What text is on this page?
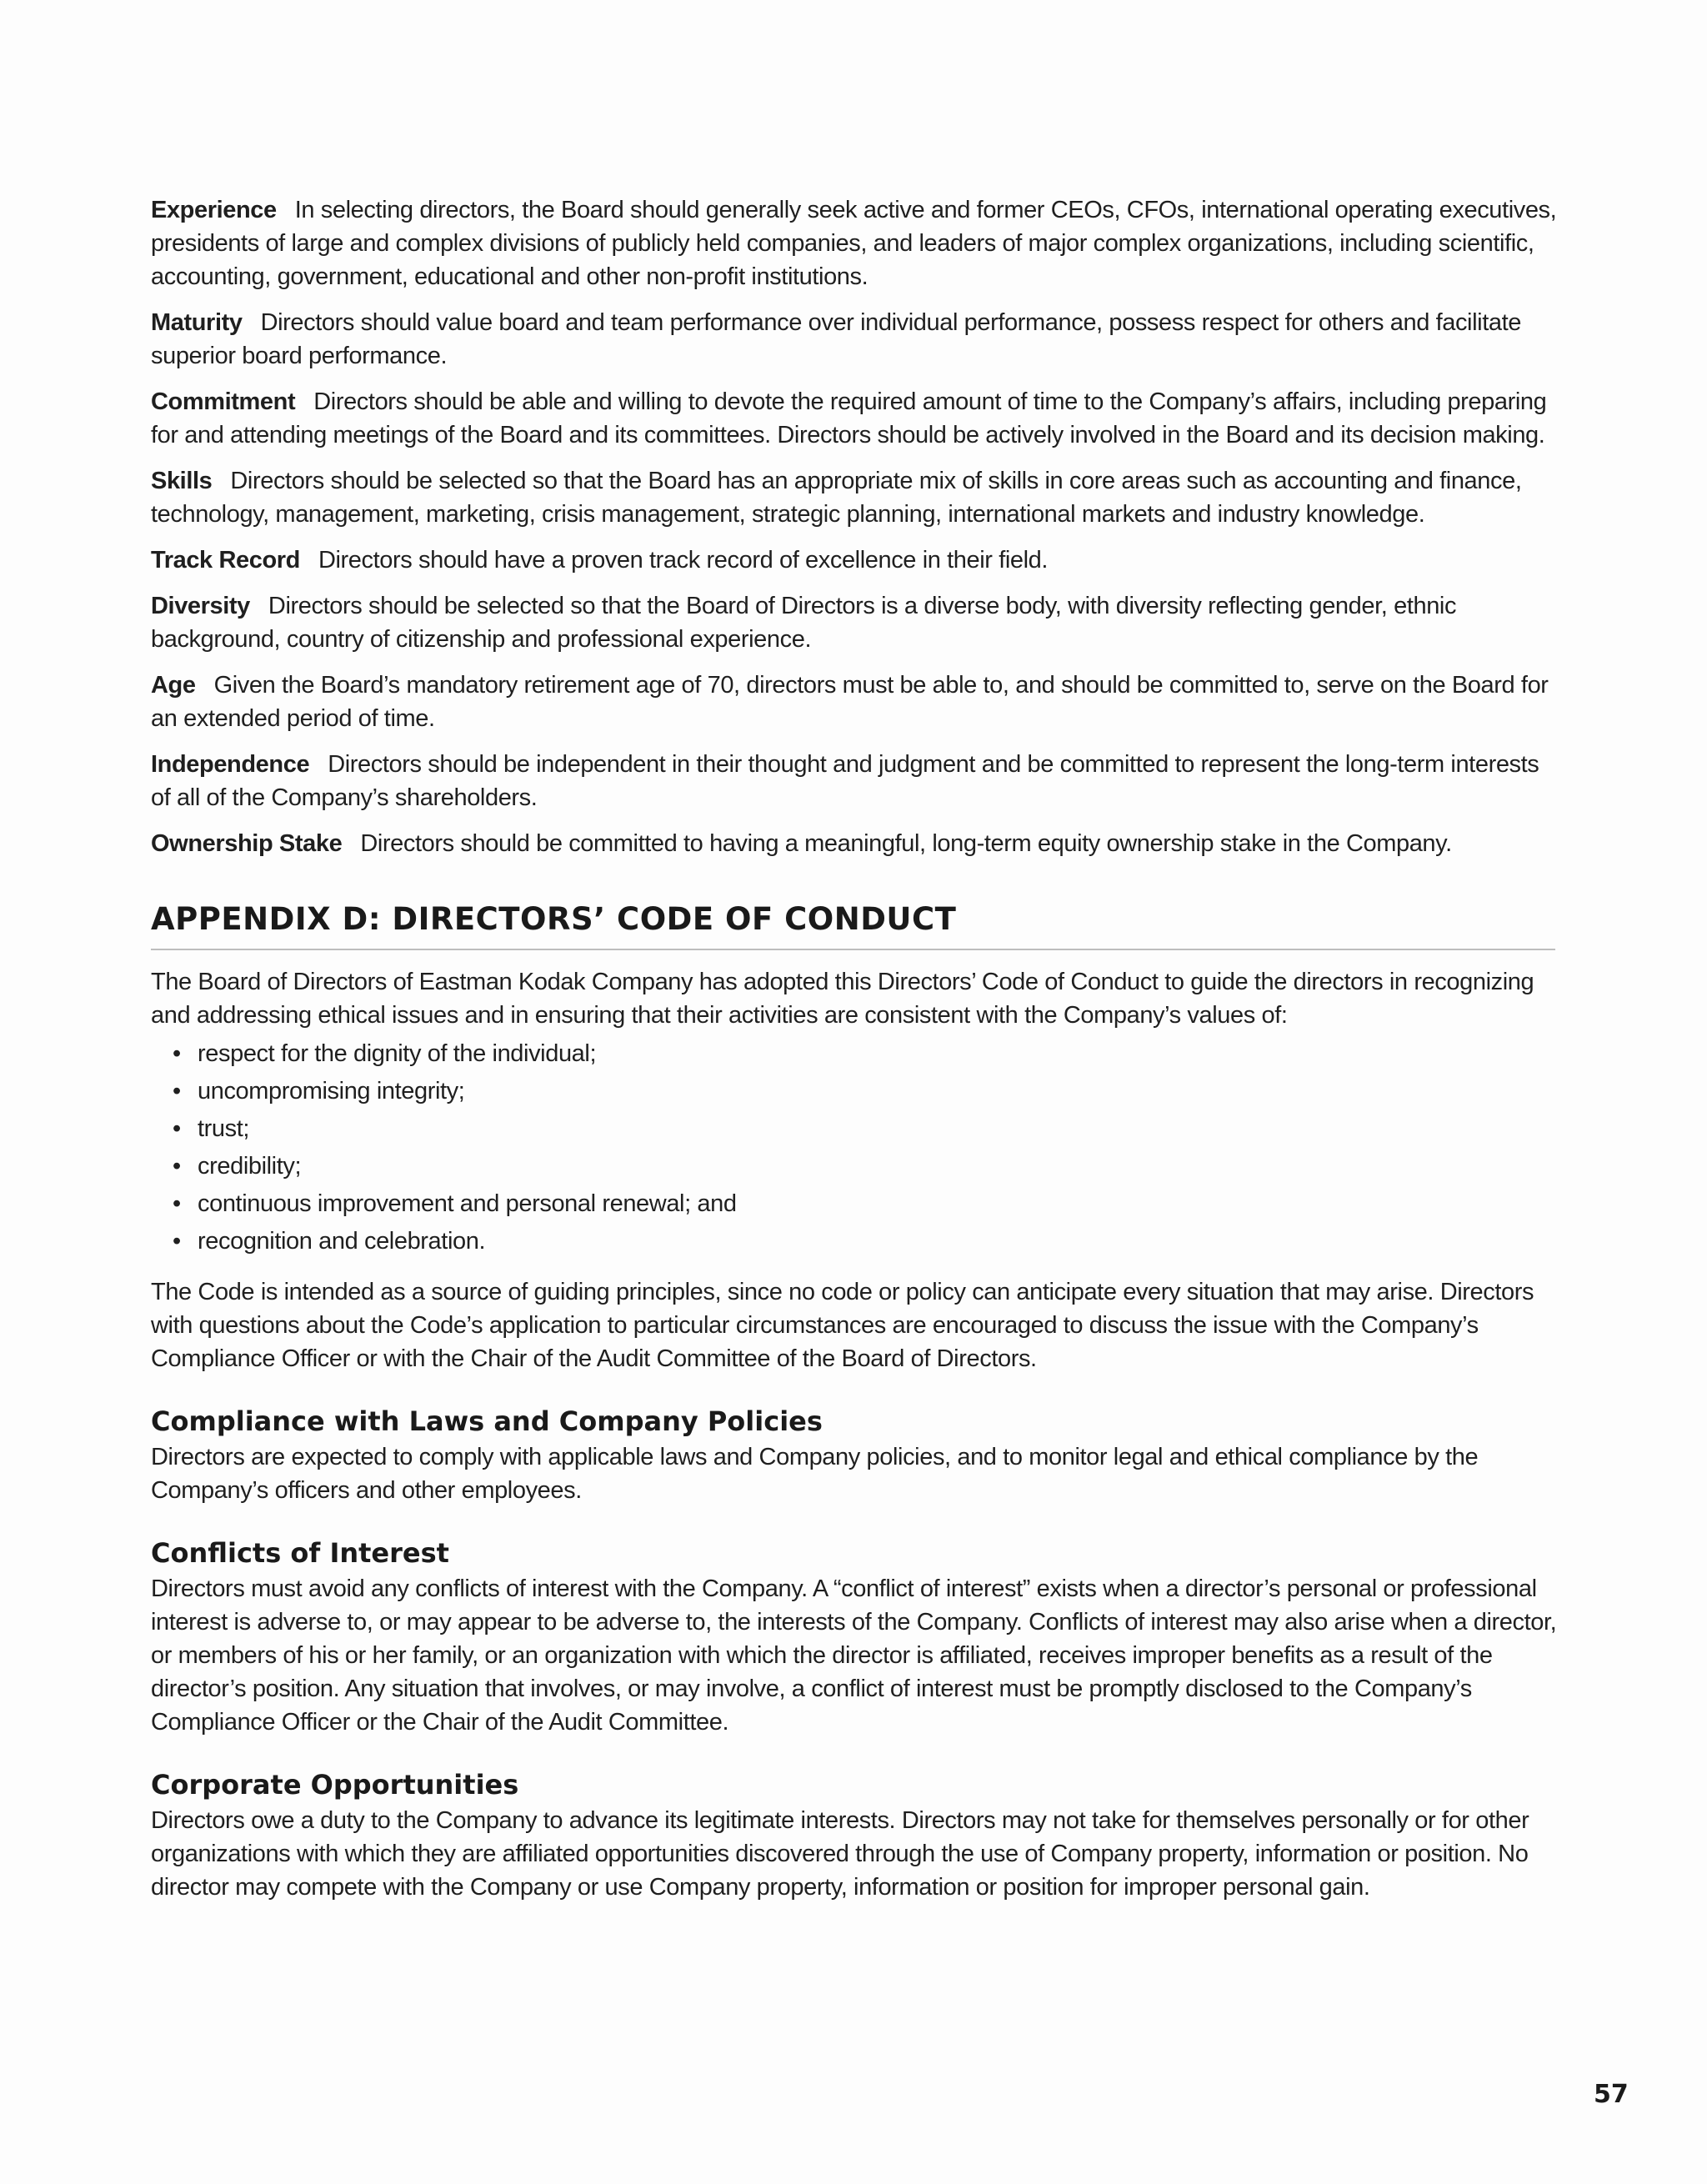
Experience In selecting directors, the Board should generally seek active and former CEOs, CFOs, international operating executives, presidents of large and complex divisions of publicly held companies, and leaders of major complex organizations, including scientific, accounting, government, educational and other non-profit institutions.

Maturity Directors should value board and team performance over individual performance, possess respect for others and facilitate superior board performance.

Commitment Directors should be able and willing to devote the required amount of time to the Company’s affairs, including preparing for and attending meetings of the Board and its committees. Directors should be actively involved in the Board and its decision making.

Skills Directors should be selected so that the Board has an appropriate mix of skills in core areas such as accounting and finance, technology, management, marketing, crisis management, strategic planning, international markets and industry knowledge.

Track Record Directors should have a proven track record of excellence in their field.

Diversity Directors should be selected so that the Board of Directors is a diverse body, with diversity reflecting gender, ethnic background, country of citizenship and professional experience.

Age Given the Board’s mandatory retirement age of 70, directors must be able to, and should be committed to, serve on the Board for an extended period of time.

Independence Directors should be independent in their thought and judgment and be committed to represent the long-term interests of all of the Company’s shareholders.

Ownership Stake Directors should be committed to having a meaningful, long-term equity ownership stake in the Company.

APPENDIX D: DIRECTORS’ CODE OF CONDUCT

The Board of Directors of Eastman Kodak Company has adopted this Directors’ Code of Conduct to guide the directors in recognizing and addressing ethical issues and in ensuring that their activities are consistent with the Company’s values of:

• respect for the dignity of the individual;
• uncompromising integrity;
• trust;
• credibility;
• continuous improvement and personal renewal; and
• recognition and celebration.

The Code is intended as a source of guiding principles, since no code or policy can anticipate every situation that may arise. Directors with questions about the Code’s application to particular circumstances are encouraged to discuss the issue with the Company’s Compliance Officer or with the Chair of the Audit Committee of the Board of Directors.

Compliance with Laws and Company Policies

Directors are expected to comply with applicable laws and Company policies, and to monitor legal and ethical compliance by the Company’s officers and other employees.

Conflicts of Interest

Directors must avoid any conflicts of interest with the Company. A “conflict of interest” exists when a director’s personal or professional interest is adverse to, or may appear to be adverse to, the interests of the Company. Conflicts of interest may also arise when a director, or members of his or her family, or an organization with which the director is affiliated, receives improper benefits as a result of the director’s position. Any situation that involves, or may involve, a conflict of interest must be promptly disclosed to the Company’s Compliance Officer or the Chair of the Audit Committee.

Corporate Opportunities

Directors owe a duty to the Company to advance its legitimate interests. Directors may not take for themselves personally or for other organizations with which they are affiliated opportunities discovered through the use of Company property, information or position. No director may compete with the Company or use Company property, information or position for improper personal gain.

57
